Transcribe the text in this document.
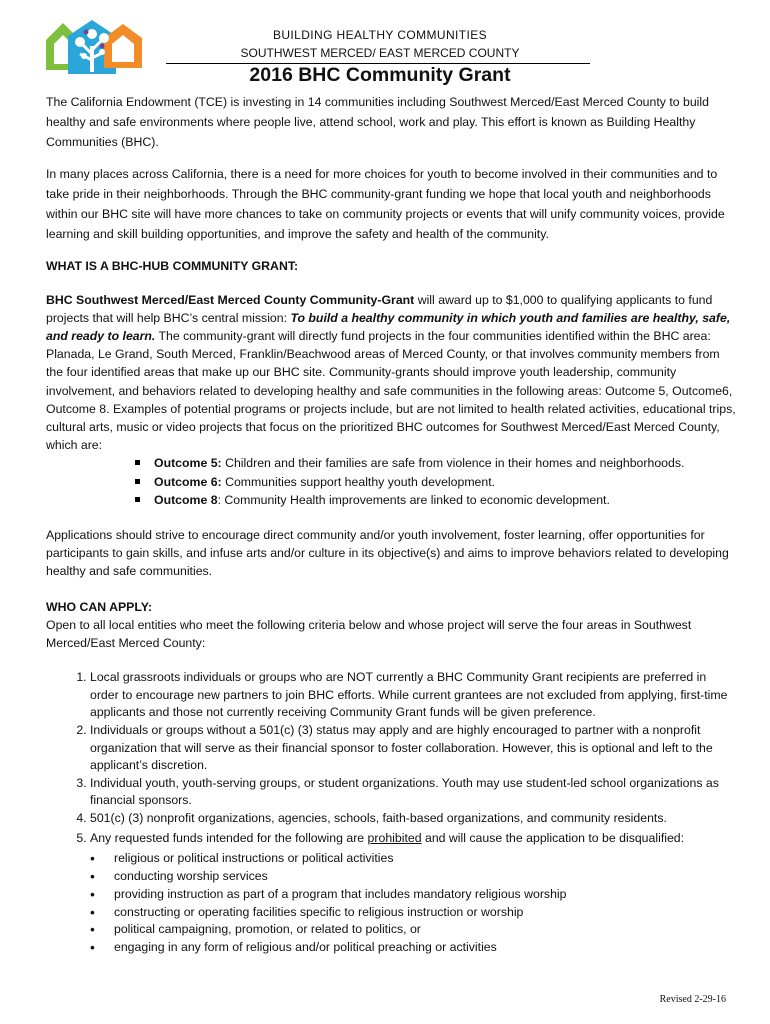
BUILDING HEALTHY COMMUNITIES
SOUTHWEST MERCED/ EAST MERCED COUNTY
2016 BHC Community Grant

The California Endowment (TCE) is investing in 14 communities including Southwest Merced/East Merced County to build healthy and safe environments where people live, attend school, work and play. This effort is known as Building Healthy Communities (BHC).

In many places across California, there is a need for more choices for youth to become involved in their communities and to take pride in their neighborhoods. Through the BHC community-grant funding we hope that local youth and neighborhoods within our BHC site will have more chances to take on community projects or events that will unify community voices, provide learning and skill building opportunities, and improve the safety and health of the community.

WHAT IS A BHC-HUB COMMUNITY GRANT:

BHC Southwest Merced/East Merced County Community-Grant will award up to $1,000 to qualifying applicants to fund projects that will help BHC’s central mission: To build a healthy community in which youth and families are healthy, safe, and ready to learn. The community-grant will directly fund projects in the four communities identified within the BHC area: Planada, Le Grand, South Merced, Franklin/Beachwood areas of Merced County, or that involves community members from the four identified areas that make up our BHC site. Community-grants should improve youth leadership, community involvement, and behaviors related to developing healthy and safe communities in the following areas: Outcome 5, Outcome6, Outcome 8. Examples of potential programs or projects include, but are not limited to health related activities, educational trips, cultural arts, music or video projects that focus on the prioritized BHC outcomes for Southwest Merced/East Merced County, which are:

Outcome 5: Children and their families are safe from violence in their homes and neighborhoods.
Outcome 6: Communities support healthy youth development.
Outcome 8: Community Health improvements are linked to economic development.

Applications should strive to encourage direct community and/or youth involvement, foster learning, offer opportunities for participants to gain skills, and infuse arts and/or culture in its objective(s) and aims to improve behaviors related to developing healthy and safe communities.

WHO CAN APPLY:

Open to all local entities who meet the following criteria below and whose project will serve the four areas in Southwest Merced/East Merced County:

1. Local grassroots individuals or groups who are NOT currently a BHC Community Grant recipients are preferred in order to encourage new partners to join BHC efforts. While current grantees are not excluded from applying, first-time applicants and those not currently receiving Community Grant funds will be given preference.
2. Individuals or groups without a 501(c) (3) status may apply and are highly encouraged to partner with a nonprofit organization that will serve as their financial sponsor to foster collaboration. However, this is optional and left to the applicant’s discretion.
3. Individual youth, youth-serving groups, or student organizations. Youth may use student-led school organizations as financial sponsors.
4. 501(c) (3) nonprofit organizations, agencies, schools, faith-based organizations, and community residents.
5. Any requested funds intended for the following are prohibited and will cause the application to be disqualified:
• religious or political instructions or political activities
• conducting worship services
• providing instruction as part of a program that includes mandatory religious worship
• constructing or operating facilities specific to religious instruction or worship
• political campaigning, promotion, or related to politics, or
• engaging in any form of religious and/or political preaching or activities
Revised 2-29-16
